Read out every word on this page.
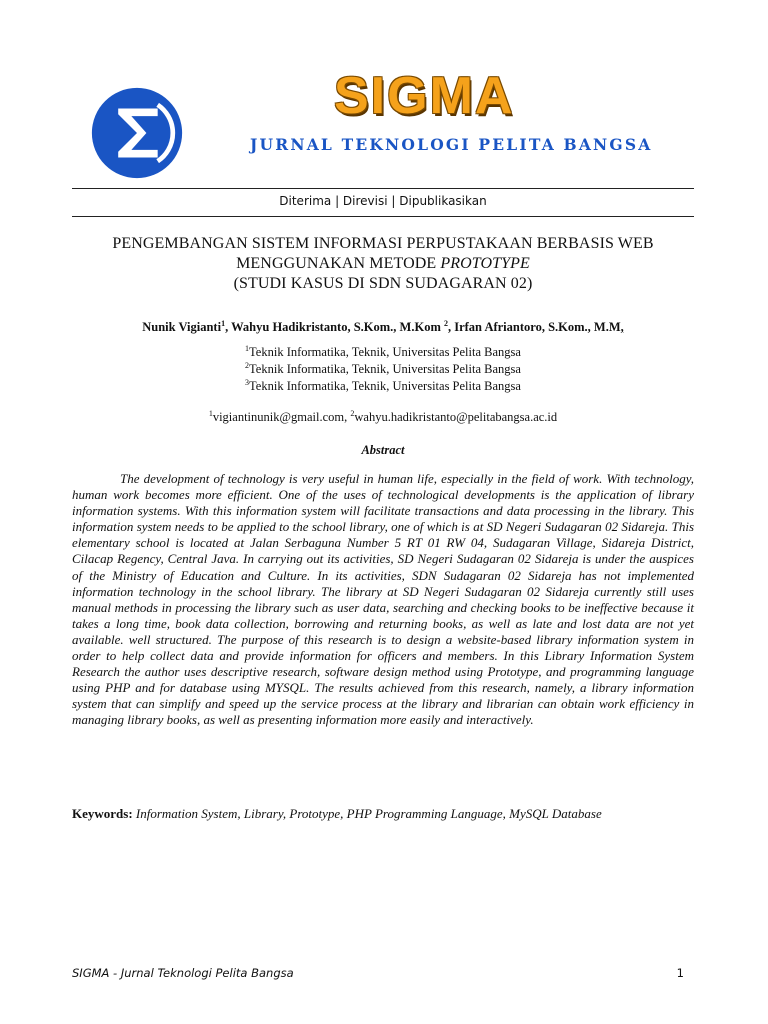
SIGMA
JURNAL TEKNOLOGI PELITA BANGSA
Diterima | Direvisi | Dipublikasikan
PENGEMBANGAN SISTEM INFORMASI PERPUSTAKAAN BERBASIS WEB
MENGGUNAKAN METODE PROTOTYPE
(STUDI KASUS DI SDN SUDAGARAN 02)
Nunik Vigianti$^1$, Wahyu Hadikristanto, S.Kom., M.Kom $^2$, Irfan Afriantoro, S.Kom., M.M,
$^1$Teknik Informatika, Teknik, Universitas Pelita Bangsa
$^2$Teknik Informatika, Teknik, Universitas Pelita Bangsa
$^3$Teknik Informatika, Teknik, Universitas Pelita Bangsa
$^1$vigiantinunik@gmail.com, $^2$wahyu.hadikristanto@pelitabangsa.ac.id
Abstract

The development of technology is very useful in human life, especially in the field of work. With technology, human work becomes more efficient. One of the uses of technological developments is the application of library information systems. With this information system will facilitate transactions and data processing in the library. This information system needs to be applied to the school library, one of which is at SD Negeri Sudagaran 02 Sidareja. This elementary school is located at Jalan Serbaguna Number 5 RT 01 RW 04, Sudagaran Village, Sidareja District, Cilacap Regency, Central Java. In carrying out its activities, SD Negeri Sudagaran 02 Sidareja is under the auspices of the Ministry of Education and Culture. In its activities, SDN Sudagaran 02 Sidareja has not implemented information technology in the school library. The library at SD Negeri Sudagaran 02 Sidareja currently still uses manual methods in processing the library such as user data, searching and checking books to be ineffective because it takes a long time, book data collection, borrowing and returning books, as well as late and lost data are not yet available. well structured. The purpose of this research is to design a website-based library information system in order to help collect data and provide information for officers and members. In this Library Information System Research the author uses descriptive research, software design method using Prototype, and programming language using PHP and for database using MYSQL. The results achieved from this research, namely, a library information system that can simplify and speed up the service process at the library and librarian can obtain work efficiency in managing library books, as well as presenting information more easily and interactively.

Keywords: Information System, Library, Prototype, PHP Programming Language, MySQL Database
SIGMA - Jurnal Teknologi Pelita Bangsa	1
